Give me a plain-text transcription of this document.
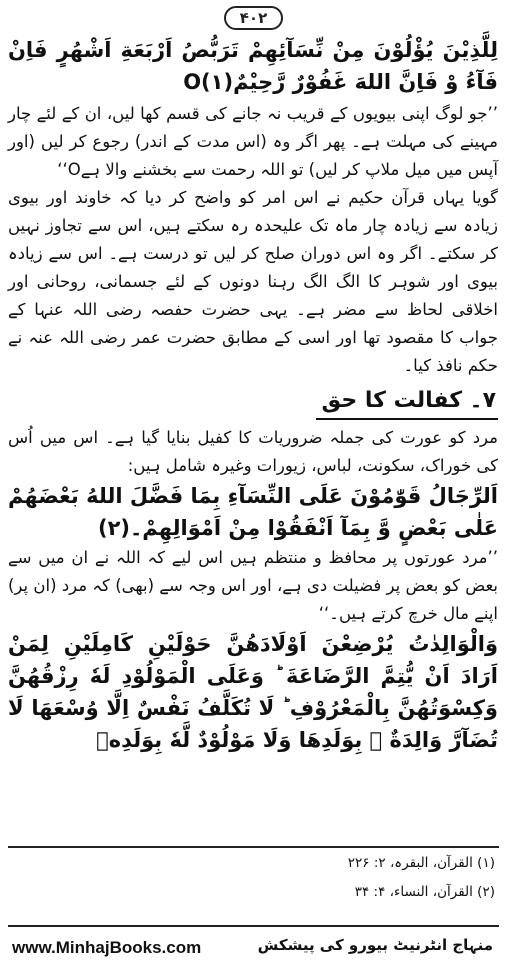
۴۰۲

لِلَّذِيْنَ يُؤْلُوْنَ مِنْ نِّسَآئِهِمْ تَرَبُّصُ اَرْبَعَةِ اَشْهُرٍ فَاِنْ فَآءُ وْ فَاِنَّ اللهَ غَفُوْرٌ رَّحِيْمٌO(۱)

’’جو لوگ اپنی بیویوں کے قریب نہ جانے کی قسم کھا لیں، ان کے لئے چار مہینے کی مہلت ہے۔ پھر اگر وہ (اس مدت کے اندر) رجوع کر لیں (اور آپس میں میل ملاپ کر لیں) تو اللہ رحمت سے بخشنے والا ہےO‘‘

گویا یہاں قرآن حکیم نے اس امر کو واضح کر دیا کہ خاوند اور بیوی زیادہ سے زیادہ چار ماہ تک علیحدہ رہ سکتے ہیں، اس سے تجاوز نہیں کر سکتے۔ اگر وہ اس دوران صلح کر لیں تو درست ہے۔ اس سے زیادہ بیوی اور شوہر کا الگ الگ رہنا دونوں کے لئے جسمانی، روحانی اور اخلاقی لحاظ سے مضر ہے۔ یہی حضرت حفصہ رضی اللہ عنہا کے جواب کا مقصود تھا اور اسی کے مطابق حضرت عمر رضی اللہ عنہ نے حکم نافذ کیا۔

۷۔ کفالت کا حق

مرد کو عورت کی جملہ ضروریات کا کفیل بنایا گیا ہے۔ اس میں اُس کی خوراک، سکونت، لباس، زیورات وغیرہ شامل ہیں:

اَلرِّجَالُ قَوّٰمُوْنَ عَلَى النِّسَآءِ بِمَا فَضَّلَ اللهُ بَعْضَهُمْ عَلٰى بَعْضٍ وَّ بِمَآ اَنْفَقُوْا مِنْ اَمْوَالِهِمْ۔(۲)

’’مرد عورتوں پر محافظ و منتظم ہیں اس لیے کہ اللہ نے ان میں سے بعض کو بعض پر فضیلت دی ہے، اور اس وجہ سے (بھی) کہ مرد (ان پر) اپنے مال خرچ کرتے ہیں۔‘‘

وَالْوَالِدٰتُ يُرْضِعْنَ اَوْلَادَهُنَّ حَوْلَيْنِ كَامِلَيْنِ لِمَنْ اَرَادَ اَنْ يُّتِمَّ الرَّضَاعَةَ ؕ وَعَلَى الْمَوْلُوْدِ لَهٗ رِزْقُهُنَّ وَكِسْوَتُهُنَّ بِالْمَعْرُوْفِ ؕ لَا تُكَلَّفُ نَفْسٌ اِلَّا وُسْعَهَا لَا تُضَآرَّ وَالِدَةٌ ۢ بِوَلَدِهَا وَلَا مَوْلُوْدٌ لَّهٗ بِوَلَدِهٖ

(۱) القرآن، البقرہ، ۲: ۲۲۶
(۲) القرآن، النساء، ۴: ۳۴
www.MinhajBooks.com	منہاج انٹرنیٹ بیورو کی پیشکش
